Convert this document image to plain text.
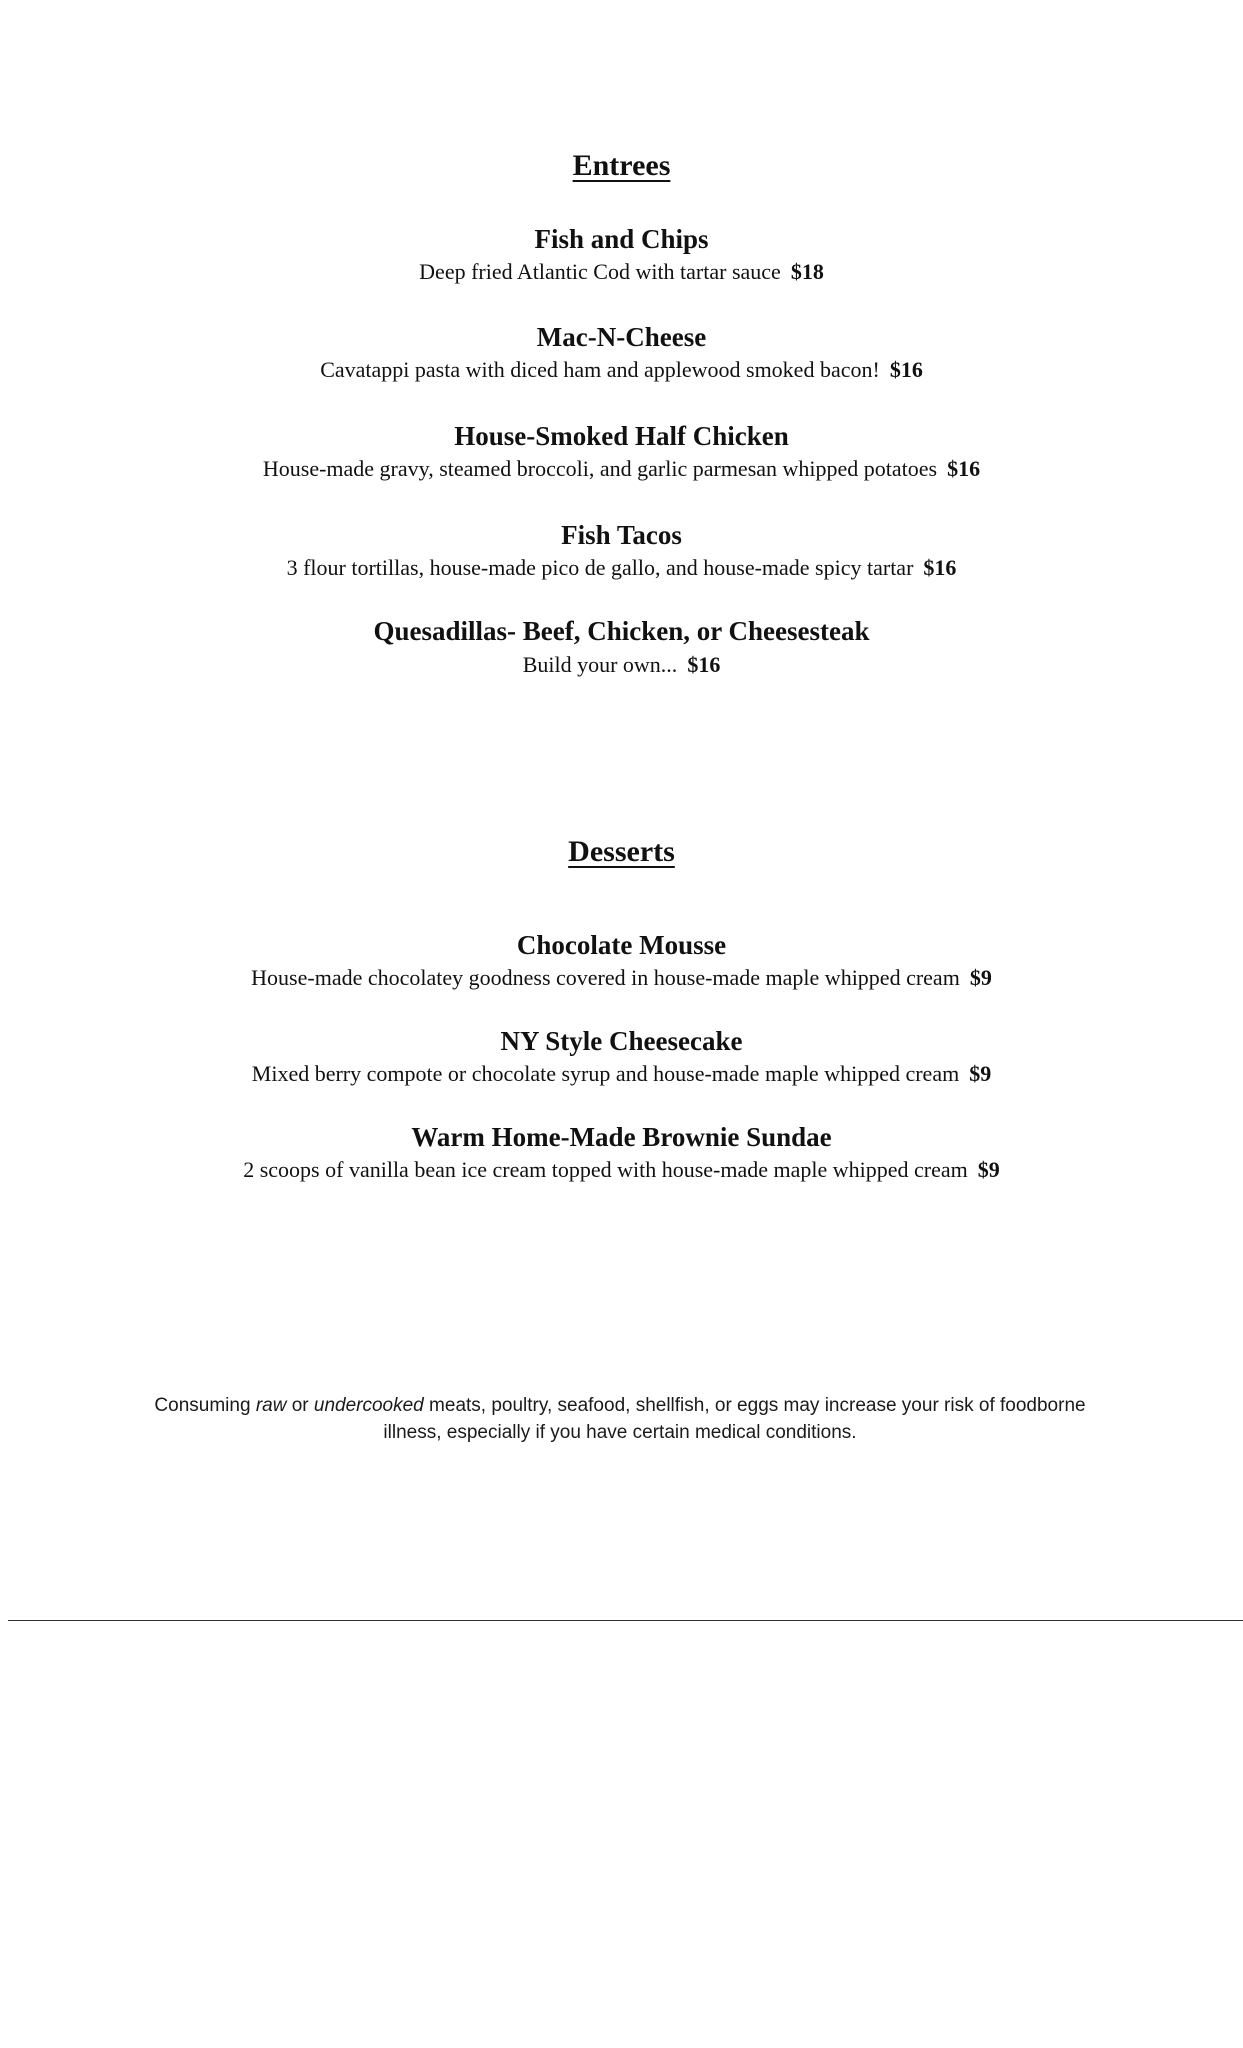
Entrees
Fish and Chips
Deep fried Atlantic Cod with tartar sauce $18
Mac-N-Cheese
Cavatappi pasta with diced ham and applewood smoked bacon! $16
House-Smoked Half Chicken
House-made gravy, steamed broccoli, and garlic parmesan whipped potatoes $16
Fish Tacos
3 flour tortillas, house-made pico de gallo, and house-made spicy tartar $16
Quesadillas- Beef, Chicken, or Cheesesteak
Build your own... $16
Desserts
Chocolate Mousse
House-made chocolatey goodness covered in house-made maple whipped cream $9
NY Style Cheesecake
Mixed berry compote or chocolate syrup and house-made maple whipped cream $9
Warm Home-Made Brownie Sundae
2 scoops of vanilla bean ice cream topped with house-made maple whipped cream $9
Consuming raw or undercooked meats, poultry, seafood, shellfish, or eggs may increase your risk of foodborne illness, especially if you have certain medical conditions.
